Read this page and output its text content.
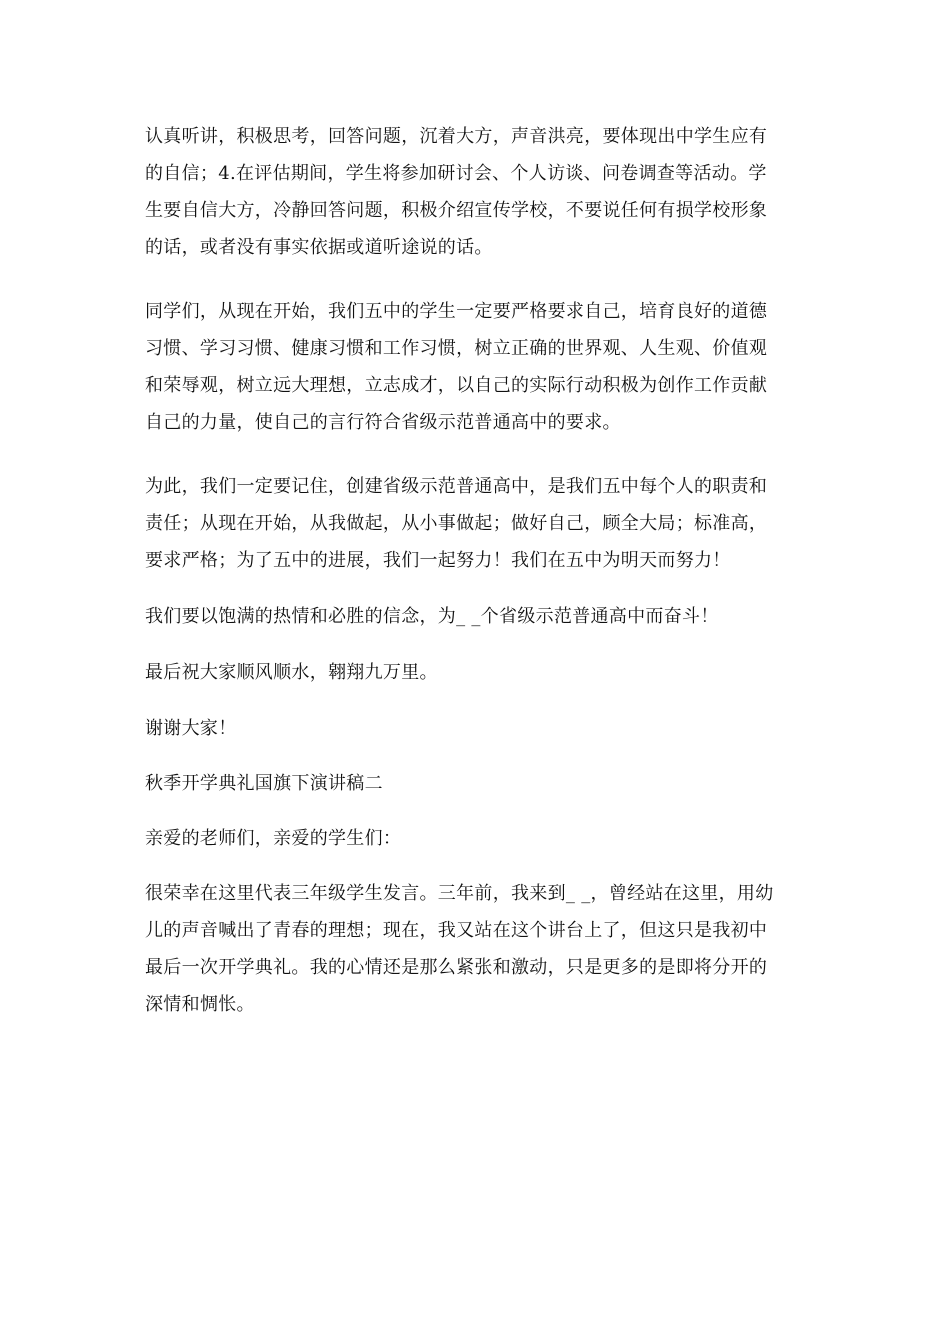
认真听讲，积极思考，回答问题，沉着大方，声音洪亮，要体现出中学生应有
的自信；4.在评估期间，学生将参加研讨会、个人访谈、问卷调查等活动。学
生要自信大方，冷静回答问题，积极介绍宣传学校，不要说任何有损学校形象
的话，或者没有事实依据或道听途说的话。

同学们，从现在开始，我们五中的学生一定要严格要求自己，培育良好的道德
习惯、学习习惯、健康习惯和工作习惯，树立正确的世界观、人生观、价值观
和荣辱观，树立远大理想，立志成才，以自己的实际行动积极为创作工作贡献
自己的力量，使自己的言行符合省级示范普通高中的要求。

为此，我们一定要记住，创建省级示范普通高中，是我们五中每个人的职责和
责任；从现在开始，从我做起，从小事做起；做好自己，顾全大局；标准高，
要求严格；为了五中的进展，我们一起努力！我们在五中为明天而努力！

我们要以饱满的热情和必胜的信念，为_ _个省级示范普通高中而奋斗！

最后祝大家顺风顺水，翱翔九万里。

谢谢大家！

秋季开学典礼国旗下演讲稿二

亲爱的老师们，亲爱的学生们：

很荣幸在这里代表三年级学生发言。三年前，我来到_ _，曾经站在这里，用幼
儿的声音喊出了青春的理想；现在，我又站在这个讲台上了，但这只是我初中
最后一次开学典礼。我的心情还是那么紧张和激动，只是更多的是即将分开的
深情和惆怅。
